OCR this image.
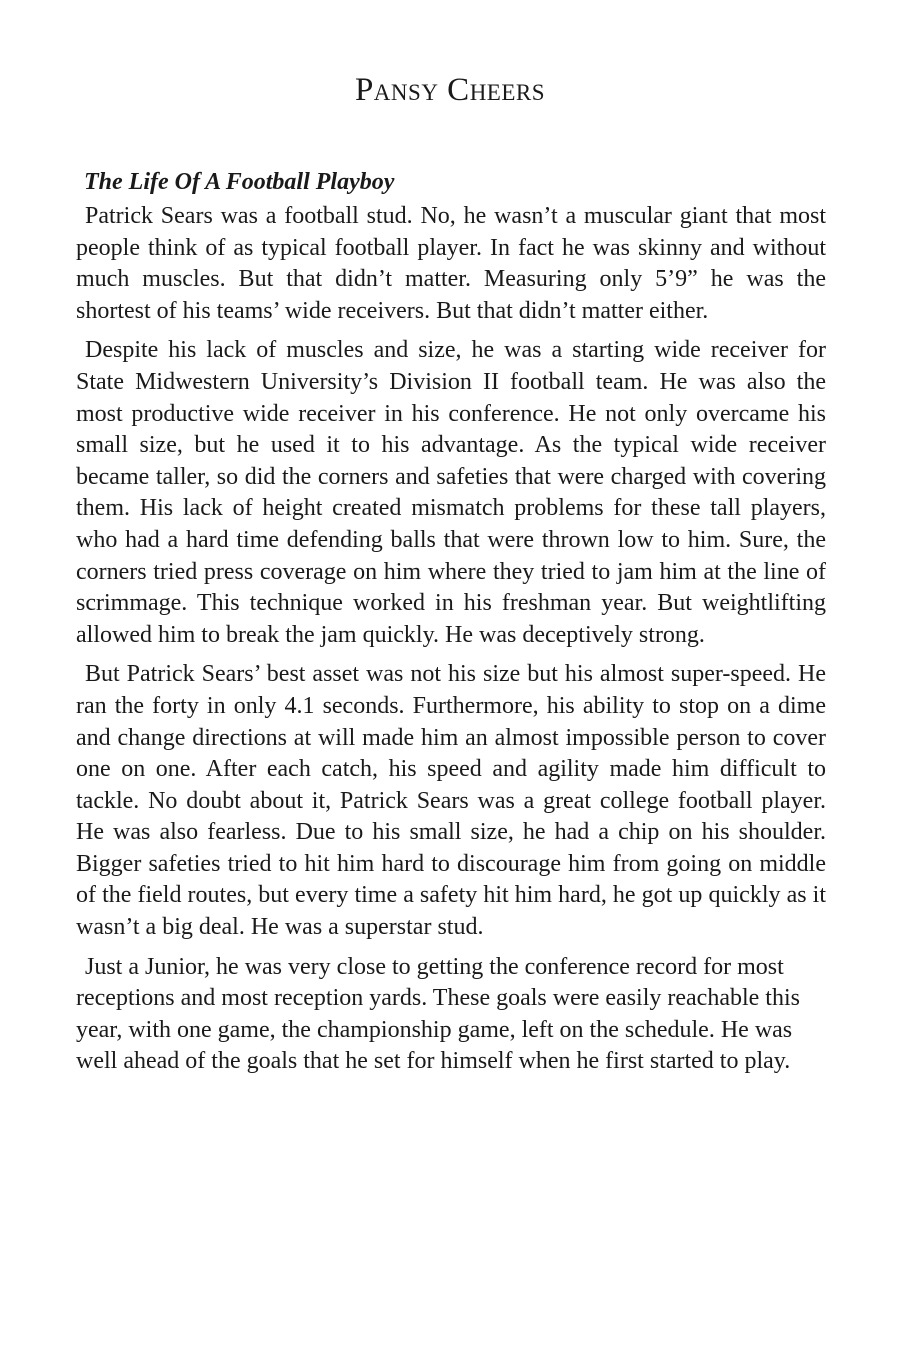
Pansy Cheers
The Life Of A Football Playboy

Patrick Sears was a football stud. No, he wasn’t a muscular giant that most people think of as typical football player. In fact he was skinny and without much muscles. But that didn’t matter. Measuring only 5’9” he was the shortest of his teams’ wide receivers. But that didn’t matter either.

Despite his lack of muscles and size, he was a starting wide receiver for State Midwestern University’s Division II football team. He was also the most productive wide receiver in his conference. He not only overcame his small size, but he used it to his advantage. As the typical wide receiver became taller, so did the corners and safeties that were charged with covering them. His lack of height created mismatch problems for these tall players, who had a hard time defending balls that were thrown low to him. Sure, the corners tried press coverage on him where they tried to jam him at the line of scrimmage. This technique worked in his freshman year. But weightlifting allowed him to break the jam quickly. He was deceptively strong.

But Patrick Sears’ best asset was not his size but his almost super-speed. He ran the forty in only 4.1 seconds. Furthermore, his ability to stop on a dime and change directions at will made him an almost impossible person to cover one on one. After each catch, his speed and agility made him difficult to tackle. No doubt about it, Patrick Sears was a great college football player. He was also fearless. Due to his small size, he had a chip on his shoulder. Bigger safeties tried to hit him hard to discourage him from going on middle of the field routes, but every time a safety hit him hard, he got up quickly as it wasn’t a big deal. He was a superstar stud.

Just a Junior, he was very close to getting the conference record for most receptions and most reception yards. These goals were easily reachable this year, with one game, the championship game, left on the schedule. He was well ahead of the goals that he set for himself when he first started to play.
